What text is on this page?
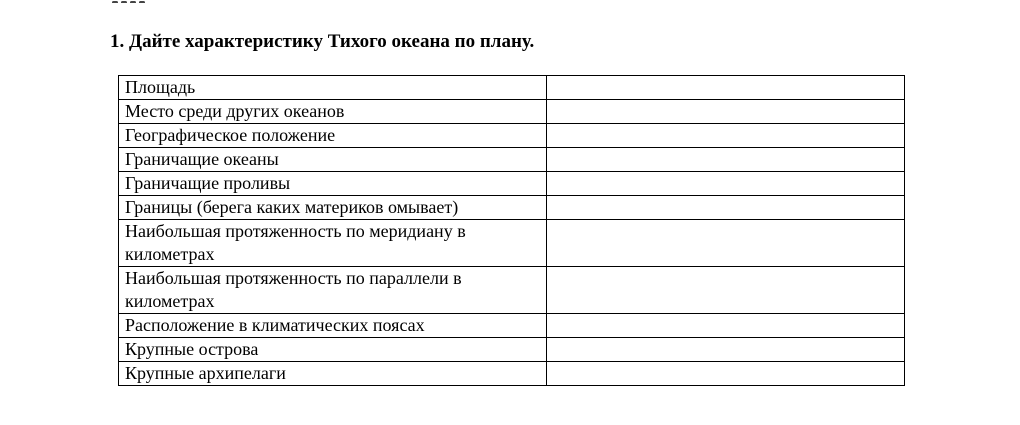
1. Дайте характеристику Тихого океана по плану.
Площадь	
Место среди других океанов	
Географическое положение	
Граничащие океаны	
Граничащие проливы	
Границы (берега каких материков омывает)	
Наибольшая протяженность по меридиану в километрах	
Наибольшая протяженность по параллели в километрах	
Расположение в климатических поясах	
Крупные острова	
Крупные архипелаги	
